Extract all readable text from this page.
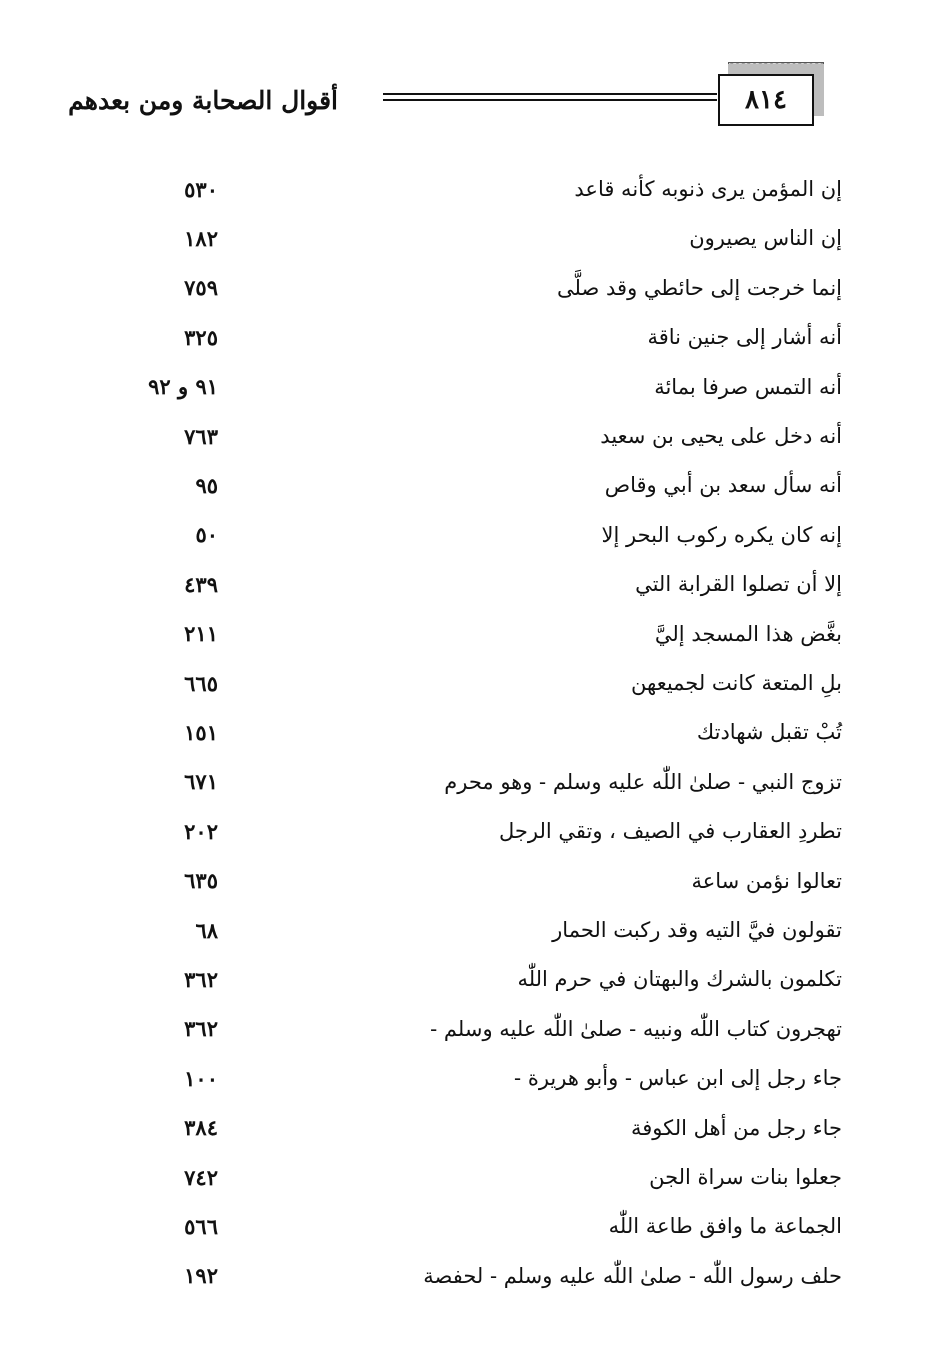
أقوال الصحابة ومن بعدهم	٨١٤
إن المؤمن يرى ذنوبه كأنه قاعد
٥٣٠
إن الناس يصيرون
١٨٢
إنما خرجت إلى حائطي وقد صلَّى
٧٥٩
أنه أشار إلى جنين ناقة
٣٢٥
أنه التمس صرفا بمائة
٩١ و ٩٢
أنه دخل على يحيى بن سعيد
٧٦٣
أنه سأل سعد بن أبي وقاص
٩٥
إنه كان يكره ركوب البحر إلا
٥٠
إلا أن تصلوا القرابة التي
٤٣٩
بغَّض هذا المسجد إليَّ
٢١١
بلِ المتعة كانت لجميعهن
٦٦٥
تُبْ تقبل شهادتك
١٥١
تزوج النبي - صلىٰ اللّٰه عليه وسلم - وهو محرم
٦٧١
تطردِ العقارب في الصيف ، وتقي الرجل
٢٠٢
تعالوا نؤمن ساعة
٦٣٥
تقولون فيَّ التيه وقد ركبت الحمار
٦٨
تكلمون بالشرك والبهتان في حرم اللّٰه
٣٦٢
تهجرون كتاب اللّٰه ونبيه - صلىٰ اللّٰه عليه وسلم -
٣٦٢
جاء رجل إلى ابن عباس - وأبو هريرة -
١٠٠
جاء رجل من أهل الكوفة
٣٨٤
جعلوا بنات سراة الجن
٧٤٢
الجماعة ما وافق طاعة اللّٰه
٥٦٦
حلف رسول اللّٰه - صلىٰ اللّٰه عليه وسلم - لحفصة
١٩٢
